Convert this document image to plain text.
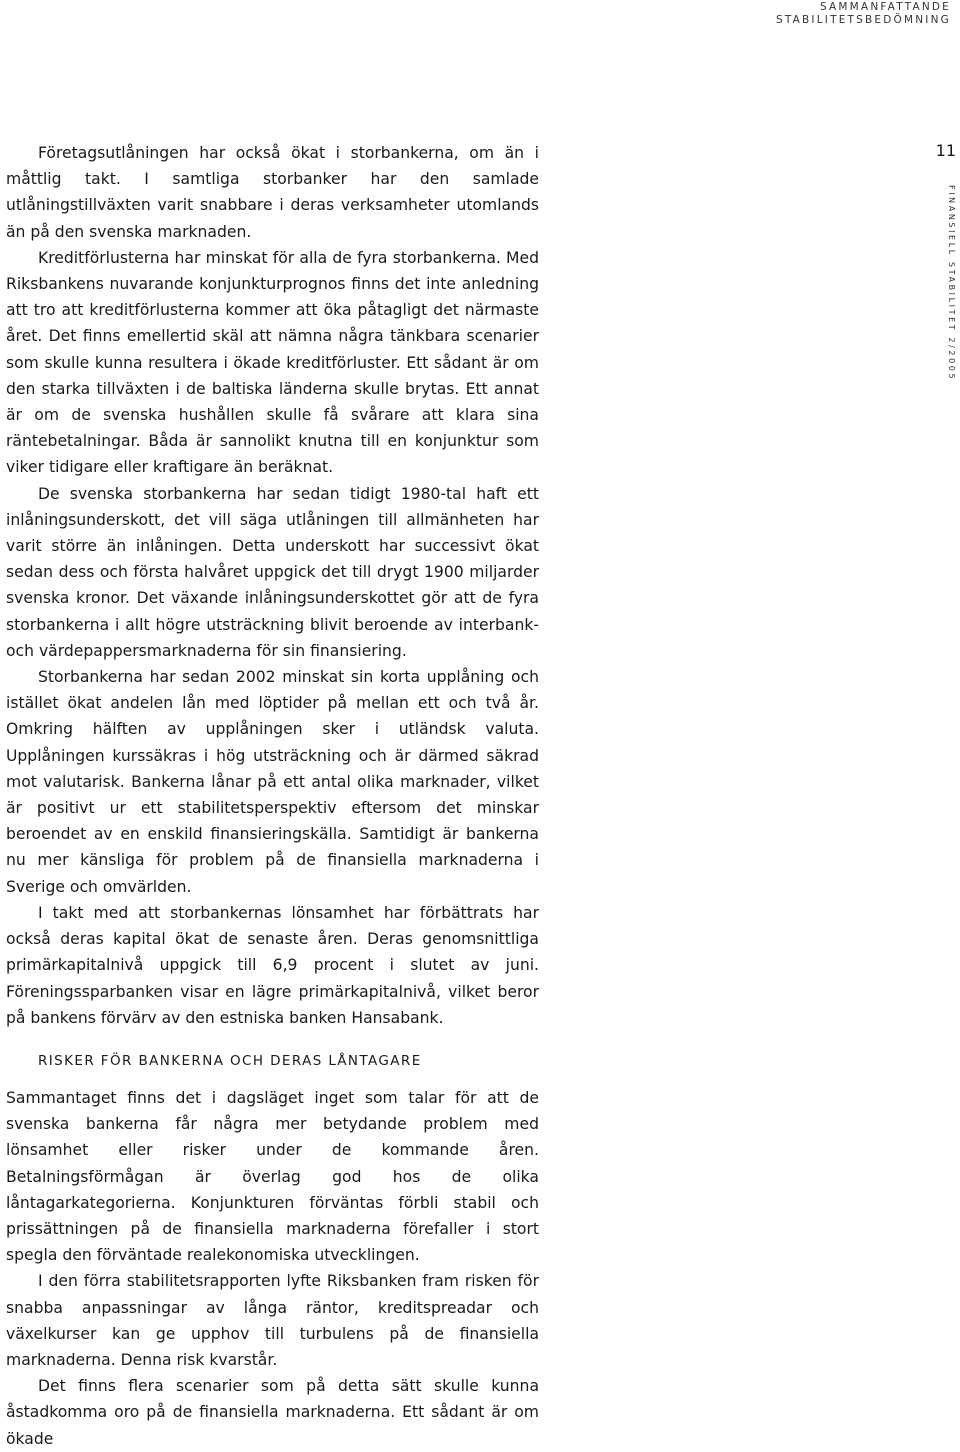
SAMMANFATTANDE
STABILITETSBEDÖMNING
11
FINANSIELL STABILITET 2/2005

Företagsutlåningen har också ökat i storbankerna, om än i måttlig takt. I samtliga storbanker har den samlade utlåningstillväxten varit snabbare i deras verksamheter utomlands än på den svenska marknaden.

Kreditförlusterna har minskat för alla de fyra storbankerna. Med Riksbankens nuvarande konjunkturprognos finns det inte anledning att tro att kreditförlusterna kommer att öka påtagligt det närmaste året. Det finns emellertid skäl att nämna några tänkbara scenarier som skulle kunna resultera i ökade kreditförluster. Ett sådant är om den starka tillväxten i de baltiska länderna skulle brytas. Ett annat är om de svenska hushållen skulle få svårare att klara sina räntebetalningar. Båda är sannolikt knutna till en konjunktur som viker tidigare eller kraftigare än beräknat.

De svenska storbankerna har sedan tidigt 1980-tal haft ett inlåningsunderskott, det vill säga utlåningen till allmänheten har varit större än inlåningen. Detta underskott har successivt ökat sedan dess och första halvåret uppgick det till drygt 1900 miljarder svenska kronor. Det växande inlåningsunderskottet gör att de fyra storbankerna i allt högre utsträckning blivit beroende av interbank- och värdepappersmarknaderna för sin finansiering.

Storbankerna har sedan 2002 minskat sin korta upplåning och istället ökat andelen lån med löptider på mellan ett och två år. Omkring hälften av upplåningen sker i utländsk valuta. Upplåningen kurssäkras i hög utsträckning och är därmed säkrad mot valutarisk. Bankerna lånar på ett antal olika marknader, vilket är positivt ur ett stabilitetsperspektiv eftersom det minskar beroendet av en enskild finansieringskälla. Samtidigt är bankerna nu mer känsliga för problem på de finansiella marknaderna i Sverige och omvärlden.

I takt med att storbankernas lönsamhet har förbättrats har också deras kapital ökat de senaste åren. Deras genomsnittliga primärkapitalnivå uppgick till 6,9 procent i slutet av juni. Föreningssparbanken visar en lägre primärkapitalnivå, vilket beror på bankens förvärv av den estniska banken Hansabank.

RISKER FÖR BANKERNA OCH DERAS LÅNTAGARE

Sammantaget finns det i dagsläget inget som talar för att de svenska bankerna får några mer betydande problem med lönsamhet eller risker under de kommande åren. Betalningsförmågan är överlag god hos de olika låntagarkategorierna. Konjunkturen förväntas förbli stabil och prissättningen på de finansiella marknaderna förefaller i stort spegla den förväntade realekonomiska utvecklingen.

I den förra stabilitetsrapporten lyfte Riksbanken fram risken för snabba anpassningar av långa räntor, kreditspreadar och växelkurser kan ge upphov till turbulens på de finansiella marknaderna. Denna risk kvarstår.

Det finns flera scenarier som på detta sätt skulle kunna åstadkomma oro på de finansiella marknaderna. Ett sådant är om ökade
